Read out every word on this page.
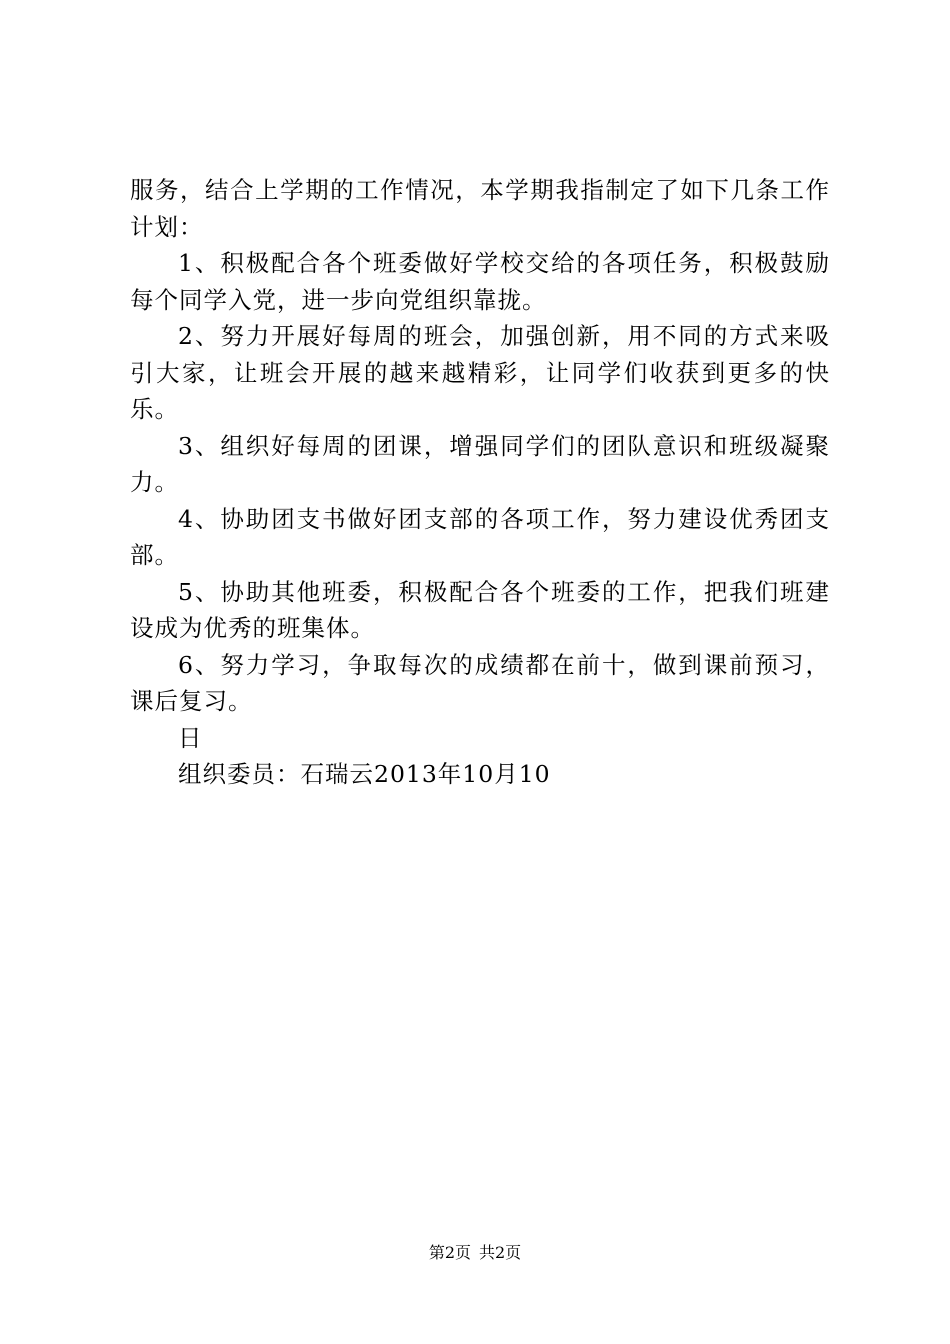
服务，结合上学期的工作情况，本学期我指制定了如下几条工作计划：

1、积极配合各个班委做好学校交给的各项任务，积极鼓励每个同学入党，进一步向党组织靠拢。

2、努力开展好每周的班会，加强创新，用不同的方式来吸引大家，让班会开展的越来越精彩，让同学们收获到更多的快乐。

3、组织好每周的团课，增强同学们的团队意识和班级凝聚力。

4、协助团支书做好团支部的各项工作，努力建设优秀团支部。

5、协助其他班委，积极配合各个班委的工作，把我们班建设成为优秀的班集体。

6、努力学习，争取每次的成绩都在前十，做到课前预习，课后复习。

日

组织委员：石瑞云2013年10月10

第2页 共2页
